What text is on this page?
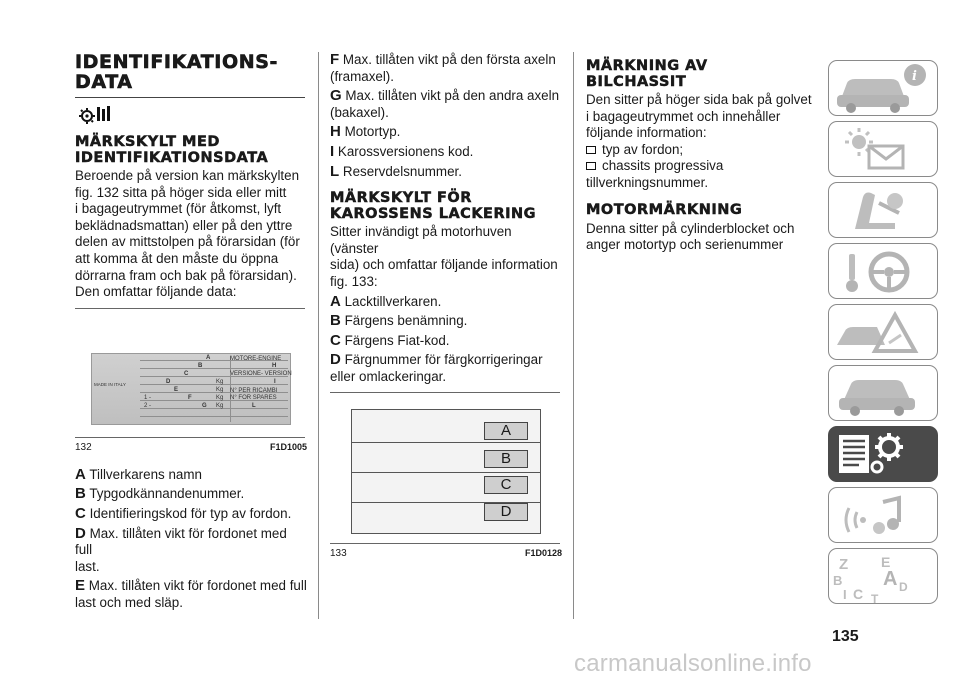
IDENTIFIKATIONS-
DATA
MÄRKSKYLT MED
IDENTIFIKATIONSDATA
Beroende på version kan märkskylten
fig. 132 sitta på höger sida eller mitt
i bagageutrymmet (för åtkomst, lyft
beklädnadsmattan) eller på den yttre
delen av mittstolpen på förarsidan (för
att komma åt den måste du öppna
dörrarna fram och bak på förarsidan).
Den omfattar följande data:
MADE IN ITALY
MOTORE-ENGINE
VERSIONE- VERSION
N° PER RICAMBI
N° FOR SPARES
A
B
C
D
E
F
G
H
I
L
Kg
Kg
Kg
Kg
1 -
2 -
132	F1D1005
A Tillverkarens namn
B Typgodkännandenummer.
C Identifieringskod för typ av fordon.
D Max. tillåten vikt för fordonet med full
last.
E Max. tillåten vikt för fordonet med full
last och med släp.
F Max. tillåten vikt på den första axeln
(framaxel).
G Max. tillåten vikt på den andra axeln
(bakaxel).
H Motortyp.
I Karossversionens kod.
L Reservdelsnummer.
MÄRKSKYLT FÖR
KAROSSENS LACKERING
Sitter invändigt på motorhuven (vänster
sida) och omfattar följande information
fig. 133:
A Lacktillverkaren.
B Färgens benämning.
C Färgens Fiat-kod.
D Färgnummer för färgkorrigeringar
eller omlackeringar.
A
B
C
D
133	F1D0128
MÄRKNING AV
BILCHASSIT
Den sitter på höger sida bak på golvet
i bagageutrymmet och innehåller
följande information:
typ av fordon;
chassits progressiva
tillverkningsnummer.
MOTORMÄRKNING
Denna sitter på cylinderblocket och
anger motortyp och serienummer
i
Z E
B A D
I C T
135
carmanualsonline.info
